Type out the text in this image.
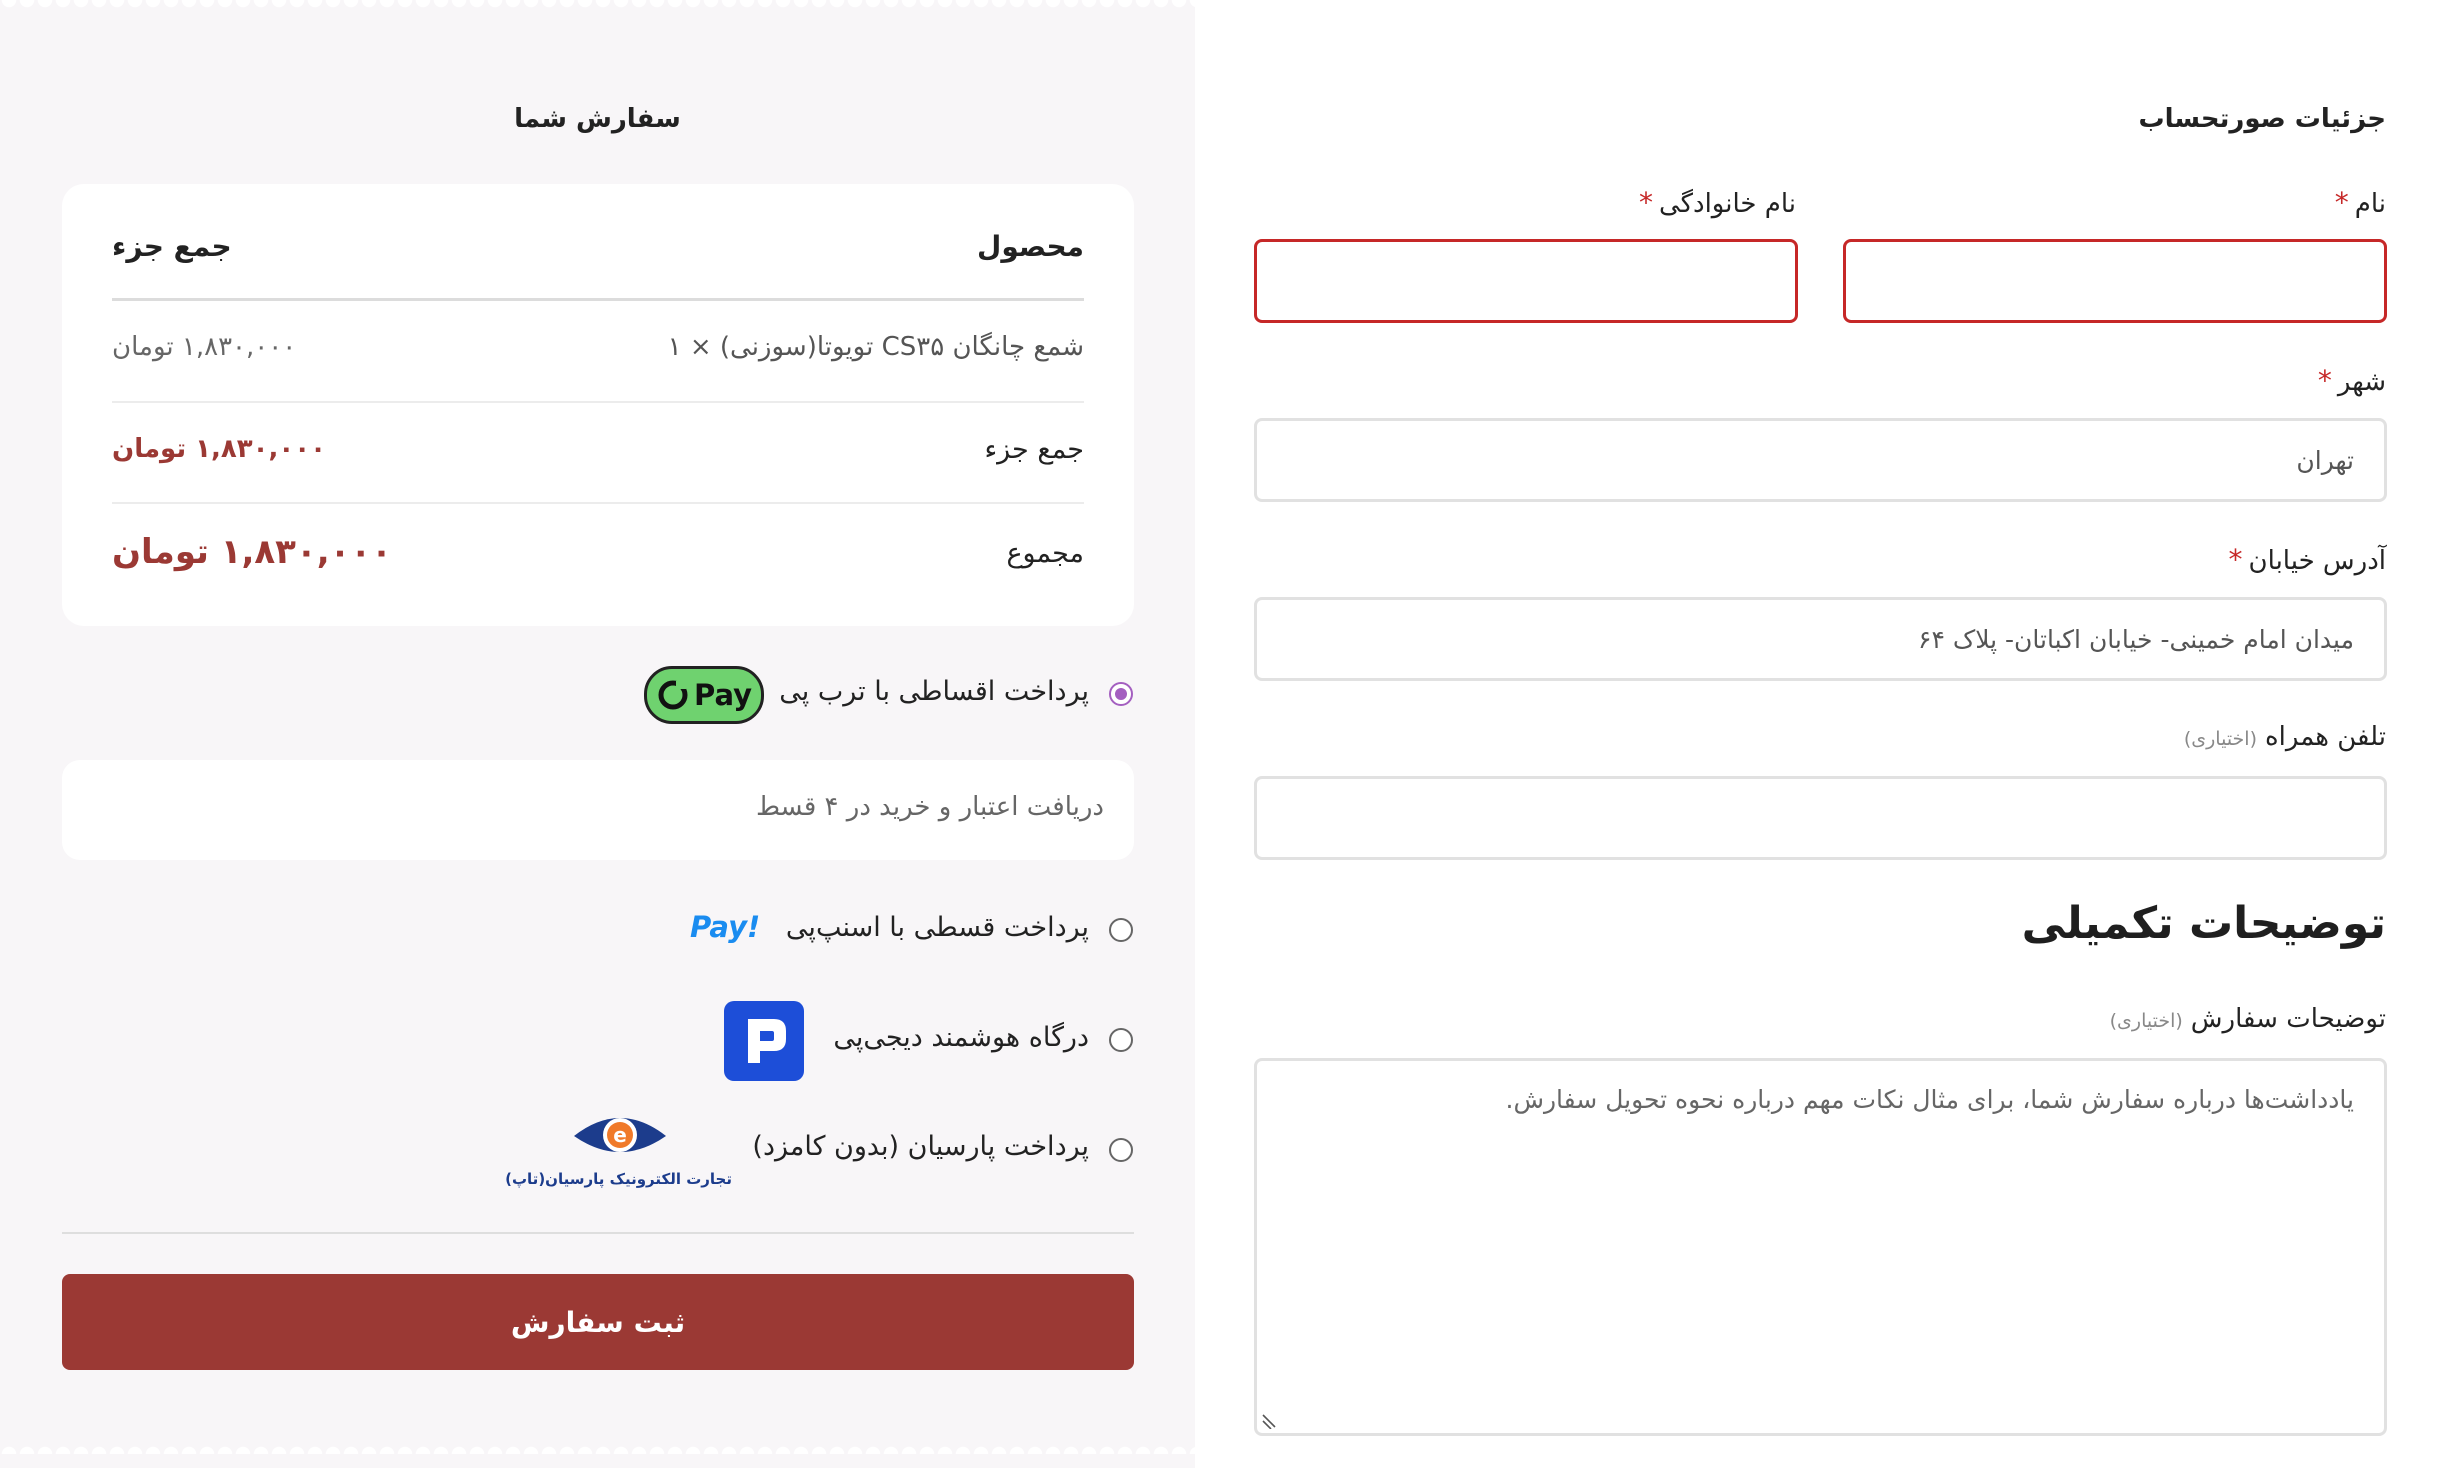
جزئیات صورتحساب
نام*
نام خانوادگی*
شهر*
تهران
آدرس خیابان*
میدان امام خمینی- خیابان اکباتان- پلاک ۶۴
تلفن همراه(اختیاری)
توضیحات تکمیلی
توضیحات سفارش(اختیاری)
یادداشت‌ها درباره سفارش شما، برای مثال نکات مهم درباره نحوه تحویل سفارش.
سفارش شما
محصول
جمع جزء
شمع چانگان CS۳۵ تویوتا(سوزنی) × ۱
۱,۸۳۰,۰۰۰ تومان
جمع جزء
۱,۸۳۰,۰۰۰ تومان
مجموع
۱,۸۳۰,۰۰۰ تومان
پرداخت اقساطی با ترب پی
Pay
دریافت اعتبار و خرید در ۴ قسط
پرداخت قسطی با اسنپ‌پی
Pay!
درگاه هوشمند دیجی‌پی
پرداخت پارسیان (بدون کامزد)
e
تجارت الکترونیک پارسیان(تاپ)
ثبت سفارش
